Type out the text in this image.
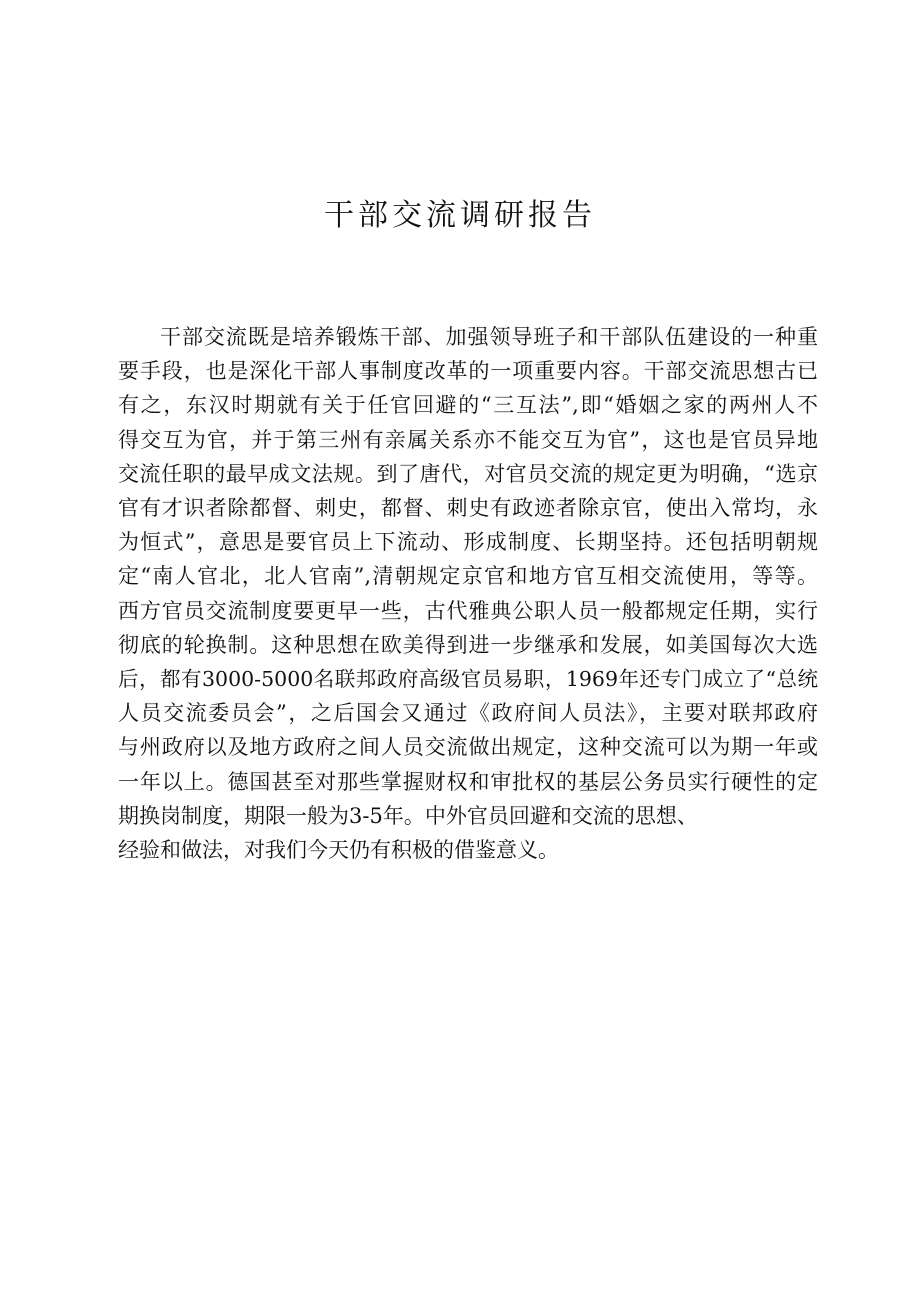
干部交流调研报告
干部交流既是培养锻炼干部、加强领导班子和干部队伍建设的一种重
要手段，也是深化干部人事制度改革的一项重要内容。干部交流思想古已
有之，东汉时期就有关于任官回避的“三互法”,即“婚姻之家的两州人不
得交互为官，并于第三州有亲属关系亦不能交互为官”，这也是官员异地
交流任职的最早成文法规。到了唐代，对官员交流的规定更为明确，“选京
官有才识者除都督、刺史，都督、刺史有政迹者除京官，使出入常均，永
为恒式”，意思是要官员上下流动、形成制度、长期坚持。还包括明朝规
定“南人官北，北人官南”,清朝规定京官和地方官互相交流使用，等等。
西方官员交流制度要更早一些，古代雅典公职人员一般都规定任期，实行
彻底的轮换制。这种思想在欧美得到进一步继承和发展，如美国每次大选
后，都有3000-5000名联邦政府高级官员易职，1969年还专门成立了“总统
人员交流委员会”，之后国会又通过《政府间人员法》，主要对联邦政府
与州政府以及地方政府之间人员交流做出规定，这种交流可以为期一年或
一年以上。德国甚至对那些掌握财权和审批权的基层公务员实行硬性的定
期换岗制度，期限一般为3-5年。中外官员回避和交流的思想、
经验和做法，对我们今天仍有积极的借鉴意义。
